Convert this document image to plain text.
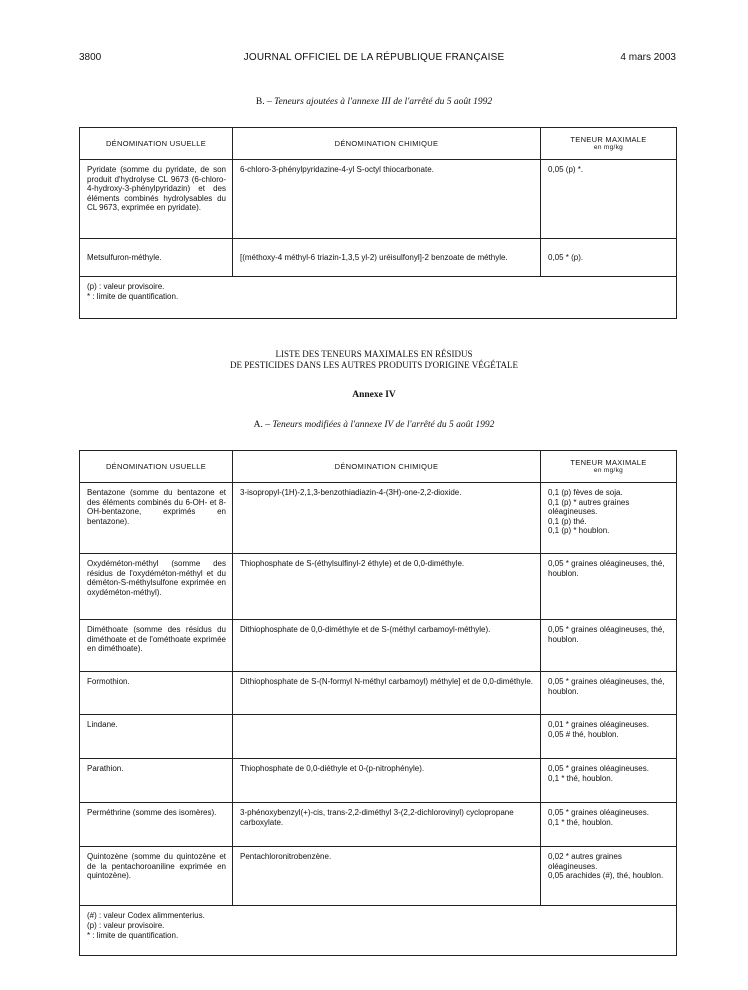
3800	JOURNAL OFFICIEL DE LA RÉPUBLIQUE FRANÇAISE	4 mars 2003
B. – Teneurs ajoutées à l'annexe III de l'arrêté du 5 août 1992
DÉNOMINATION USUELLE	DÉNOMINATION CHIMIQUE	TENEUR MAXIMALE
en mg/kg

Pyridate (somme du pyridate, de son produit d'hydrolyse CL 9673 (6-chloro-4-hydroxy-3-phénylpyridazin) et des éléments combinés hydrolysables du CL 9673, exprimée en pyridate).	6-chloro-3-phénylpyridazine-4-yl S-octyl thiocarbonate.	0,05 (p) *.

Metsulfuron-méthyle.	[(méthoxy-4 méthyl-6 triazin-1,3,5 yl-2) uréisulfonyl]-2 benzoate de méthyle.	0,05 * (p).

(p) : valeur provisoire.
* : limite de quantification.		
LISTE DES TENEURS MAXIMALES EN RÉSIDUS
DE PESTICIDES DANS LES AUTRES PRODUITS D'ORIGINE VÉGÉTALE
Annexe IV
A. – Teneurs modifiées à l'annexe IV de l'arrêté du 5 août 1992
DÉNOMINATION USUELLE	DÉNOMINATION CHIMIQUE	TENEUR MAXIMALE
en mg/kg

Bentazone (somme du bentazone et des éléments combinés du 6-OH- et 8-OH-bentazone, exprimés en bentazone).	3-isopropyl-(1H)-2,1,3-benzothiadiazin-4-(3H)-one-2,2-dioxide.	0,1 (p) fèves de soja.
0,1 (p) * autres graines oléagineuses.
0,1 (p) thé.
0,1 (p) * houblon.

Oxydéméton-méthyl (somme des résidus de l'oxydéméton-méthyl et du déméton-S-méthylsulfone exprimée en oxydéméton-méthyl).	Thiophosphate de S-(éthylsulfinyl-2 éthyle) et de 0,0-diméthyle.	0,05 * graines oléagineuses, thé, houblon.

Diméthoate (somme des résidus du diméthoate et de l'ométhoate exprimée en diméthoate).	Dithiophosphate de 0,0-diméthyle et de S-(méthyl carbamoyl-méthyle).	0,05 * graines oléagineuses, thé, houblon.

Formothion.	Dithiophosphate de S-(N-formyl N-méthyl carbamoyl) méthyle] et de 0,0-diméthyle.	0,05 * graines oléagineuses, thé, houblon.

Lindane.		0,01 * graines oléagineuses.
0,05 # thé, houblon.

Parathion.	Thiophosphate de 0,0-diéthyle et 0-(p-nitrophényle).	0,05 * graines oléagineuses.
0,1 * thé, houblon.

Perméthrine (somme des isomères).	3-phénoxybenzyl(+)-cis, trans-2,2-diméthyl 3-(2,2-dichlorovinyl) cyclopropane carboxylate.	0,05 * graines oléagineuses.
0,1 * thé, houblon.

Quintozène (somme du quintozène et de la pentachoroaniline exprimée en quintozène).	Pentachloronitrobenzène.	0,02 * autres graines oléagineuses.
0,05 arachides (#), thé, houblon.

(#) : valeur Codex alimmenterius.
(p) : valeur provisoire.
* : limite de quantification.		
